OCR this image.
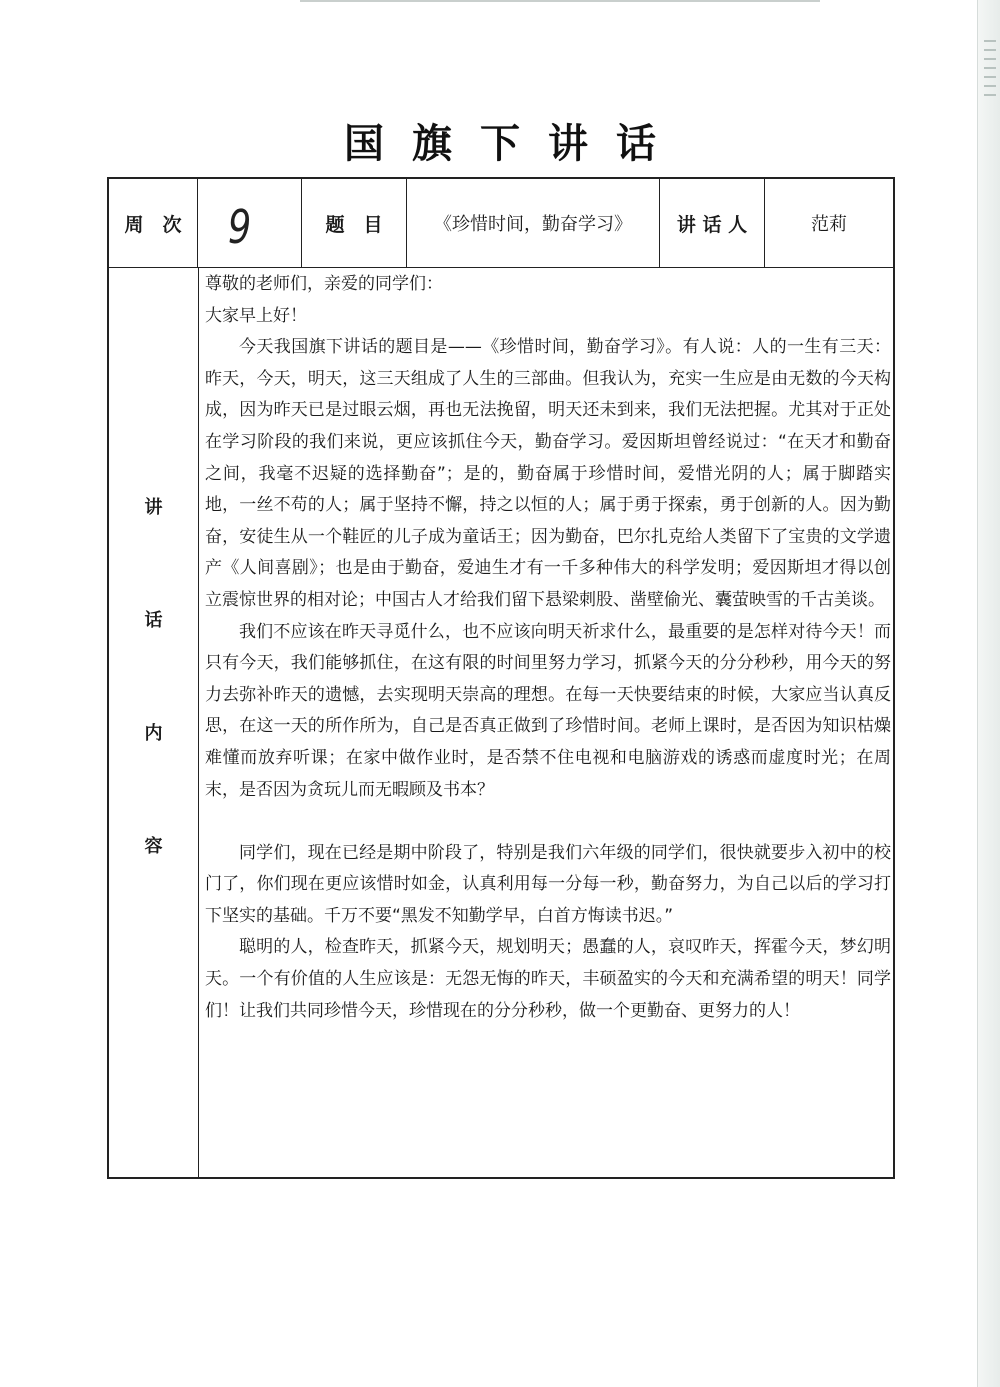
国旗下讲话
周　次 9	题　目	《珍惜时间，勤奋学习》 讲 话 人	范莉
讲
话
内
容

尊敬的老师们，亲爱的同学们：

大家早上好！

今天我国旗下讲话的题目是——《珍惜时间，勤奋学习》。有人说：人的一生有三天：昨天，今天，明天，这三天组成了人生的三部曲。但我认为，充实一生应是由无数的今天构成，因为昨天已是过眼云烟，再也无法挽留，明天还未到来，我们无法把握。尤其对于正处在学习阶段的我们来说，更应该抓住今天，勤奋学习。爱因斯坦曾经说过：“在天才和勤奋之间，我毫不迟疑的选择勤奋”；是的，勤奋属于珍惜时间，爱惜光阴的人；属于脚踏实地，一丝不苟的人；属于坚持不懈，持之以恒的人；属于勇于探索，勇于创新的人。因为勤奋，安徒生从一个鞋匠的儿子成为童话王；因为勤奋，巴尔扎克给人类留下了宝贵的文学遗产《人间喜剧》；也是由于勤奋，爱迪生才有一千多种伟大的科学发明；爱因斯坦才得以创立震惊世界的相对论；中国古人才给我们留下悬梁刺股、凿壁偷光、囊萤映雪的千古美谈。

我们不应该在昨天寻觅什么，也不应该向明天祈求什么，最重要的是怎样对待今天！而只有今天，我们能够抓住，在这有限的时间里努力学习，抓紧今天的分分秒秒，用今天的努力去弥补昨天的遗憾，去实现明天崇高的理想。在每一天快要结束的时候，大家应当认真反思，在这一天的所作所为，自己是否真正做到了珍惜时间。老师上课时，是否因为知识枯燥难懂而放弃听课；在家中做作业时，是否禁不住电视和电脑游戏的诱惑而虚度时光；在周末，是否因为贪玩儿而无暇顾及书本？

同学们，现在已经是期中阶段了，特别是我们六年级的同学们，很快就要步入初中的校门了，你们现在更应该惜时如金，认真利用每一分每一秒，勤奋努力，为自己以后的学习打下坚实的基础。千万不要“黑发不知勤学早，白首方悔读书迟。”

聪明的人，检查昨天，抓紧今天，规划明天；愚蠢的人，哀叹昨天，挥霍今天，梦幻明天。一个有价值的人生应该是：无怨无悔的昨天，丰硕盈实的今天和充满希望的明天！同学们！让我们共同珍惜今天，珍惜现在的分分秒秒，做一个更勤奋、更努力的人！
